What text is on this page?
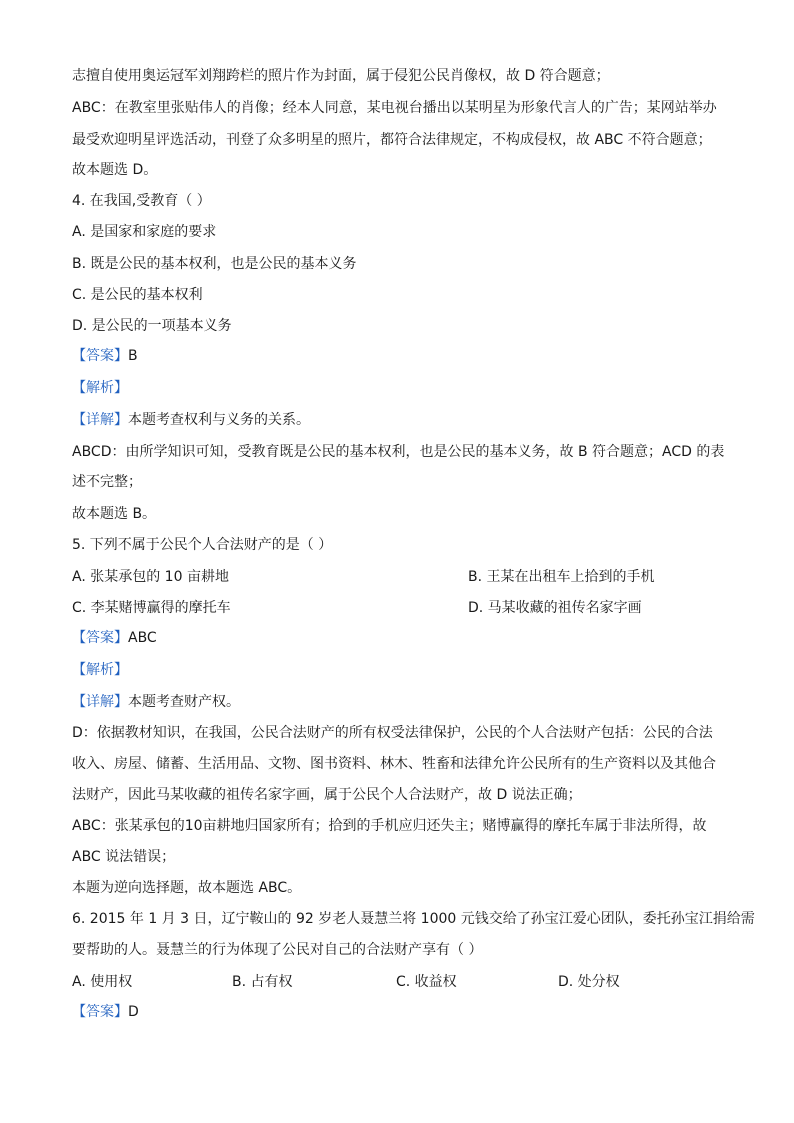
志擅自使用奥运冠军刘翔跨栏的照片作为封面，属于侵犯公民肖像权，故 D 符合题意；
ABC：在教室里张贴伟人的肖像；经本人同意，某电视台播出以某明星为形象代言人的广告；某网站举办
最受欢迎明星评选活动，刊登了众多明星的照片，都符合法律规定，不构成侵权，故 ABC 不符合题意；
故本题选 D。
4. 在我国,受教育（ ）
A. 是国家和家庭的要求
B. 既是公民的基本权利，也是公民的基本义务
C. 是公民的基本权利
D. 是公民的一项基本义务
【答案】B
【解析】
【详解】本题考查权利与义务的关系。
ABCD：由所学知识可知，受教育既是公民的基本权利，也是公民的基本义务，故 B 符合题意；ACD 的表
述不完整；
故本题选 B。
5. 下列不属于公民个人合法财产的是（ ）
A. 张某承包的 10 亩耕地	B. 王某在出租车上拾到的手机
C. 李某赌博赢得的摩托车	D. 马某收藏的祖传名家字画
【答案】ABC
【解析】
【详解】本题考查财产权。
D：依据教材知识，在我国，公民合法财产的所有权受法律保护，公民的个人合法财产包括：公民的合法
收入、房屋、储蓄、生活用品、文物、图书资料、林木、牲畜和法律允许公民所有的生产资料以及其他合
法财产，因此马某收藏的祖传名家字画，属于公民个人合法财产，故 D 说法正确；
ABC：张某承包的10亩耕地归国家所有；拾到的手机应归还失主；赌博赢得的摩托车属于非法所得，故
ABC 说法错误；
本题为逆向选择题，故本题选 ABC。
6. 2015 年 1 月 3 日，辽宁鞍山的 92 岁老人聂慧兰将 1000 元钱交给了孙宝江爱心团队，委托孙宝江捐给需
要帮助的人。聂慧兰的行为体现了公民对自己的合法财产享有（ ）
A. 使用权	B. 占有权	C. 收益权	D. 处分权
【答案】D
